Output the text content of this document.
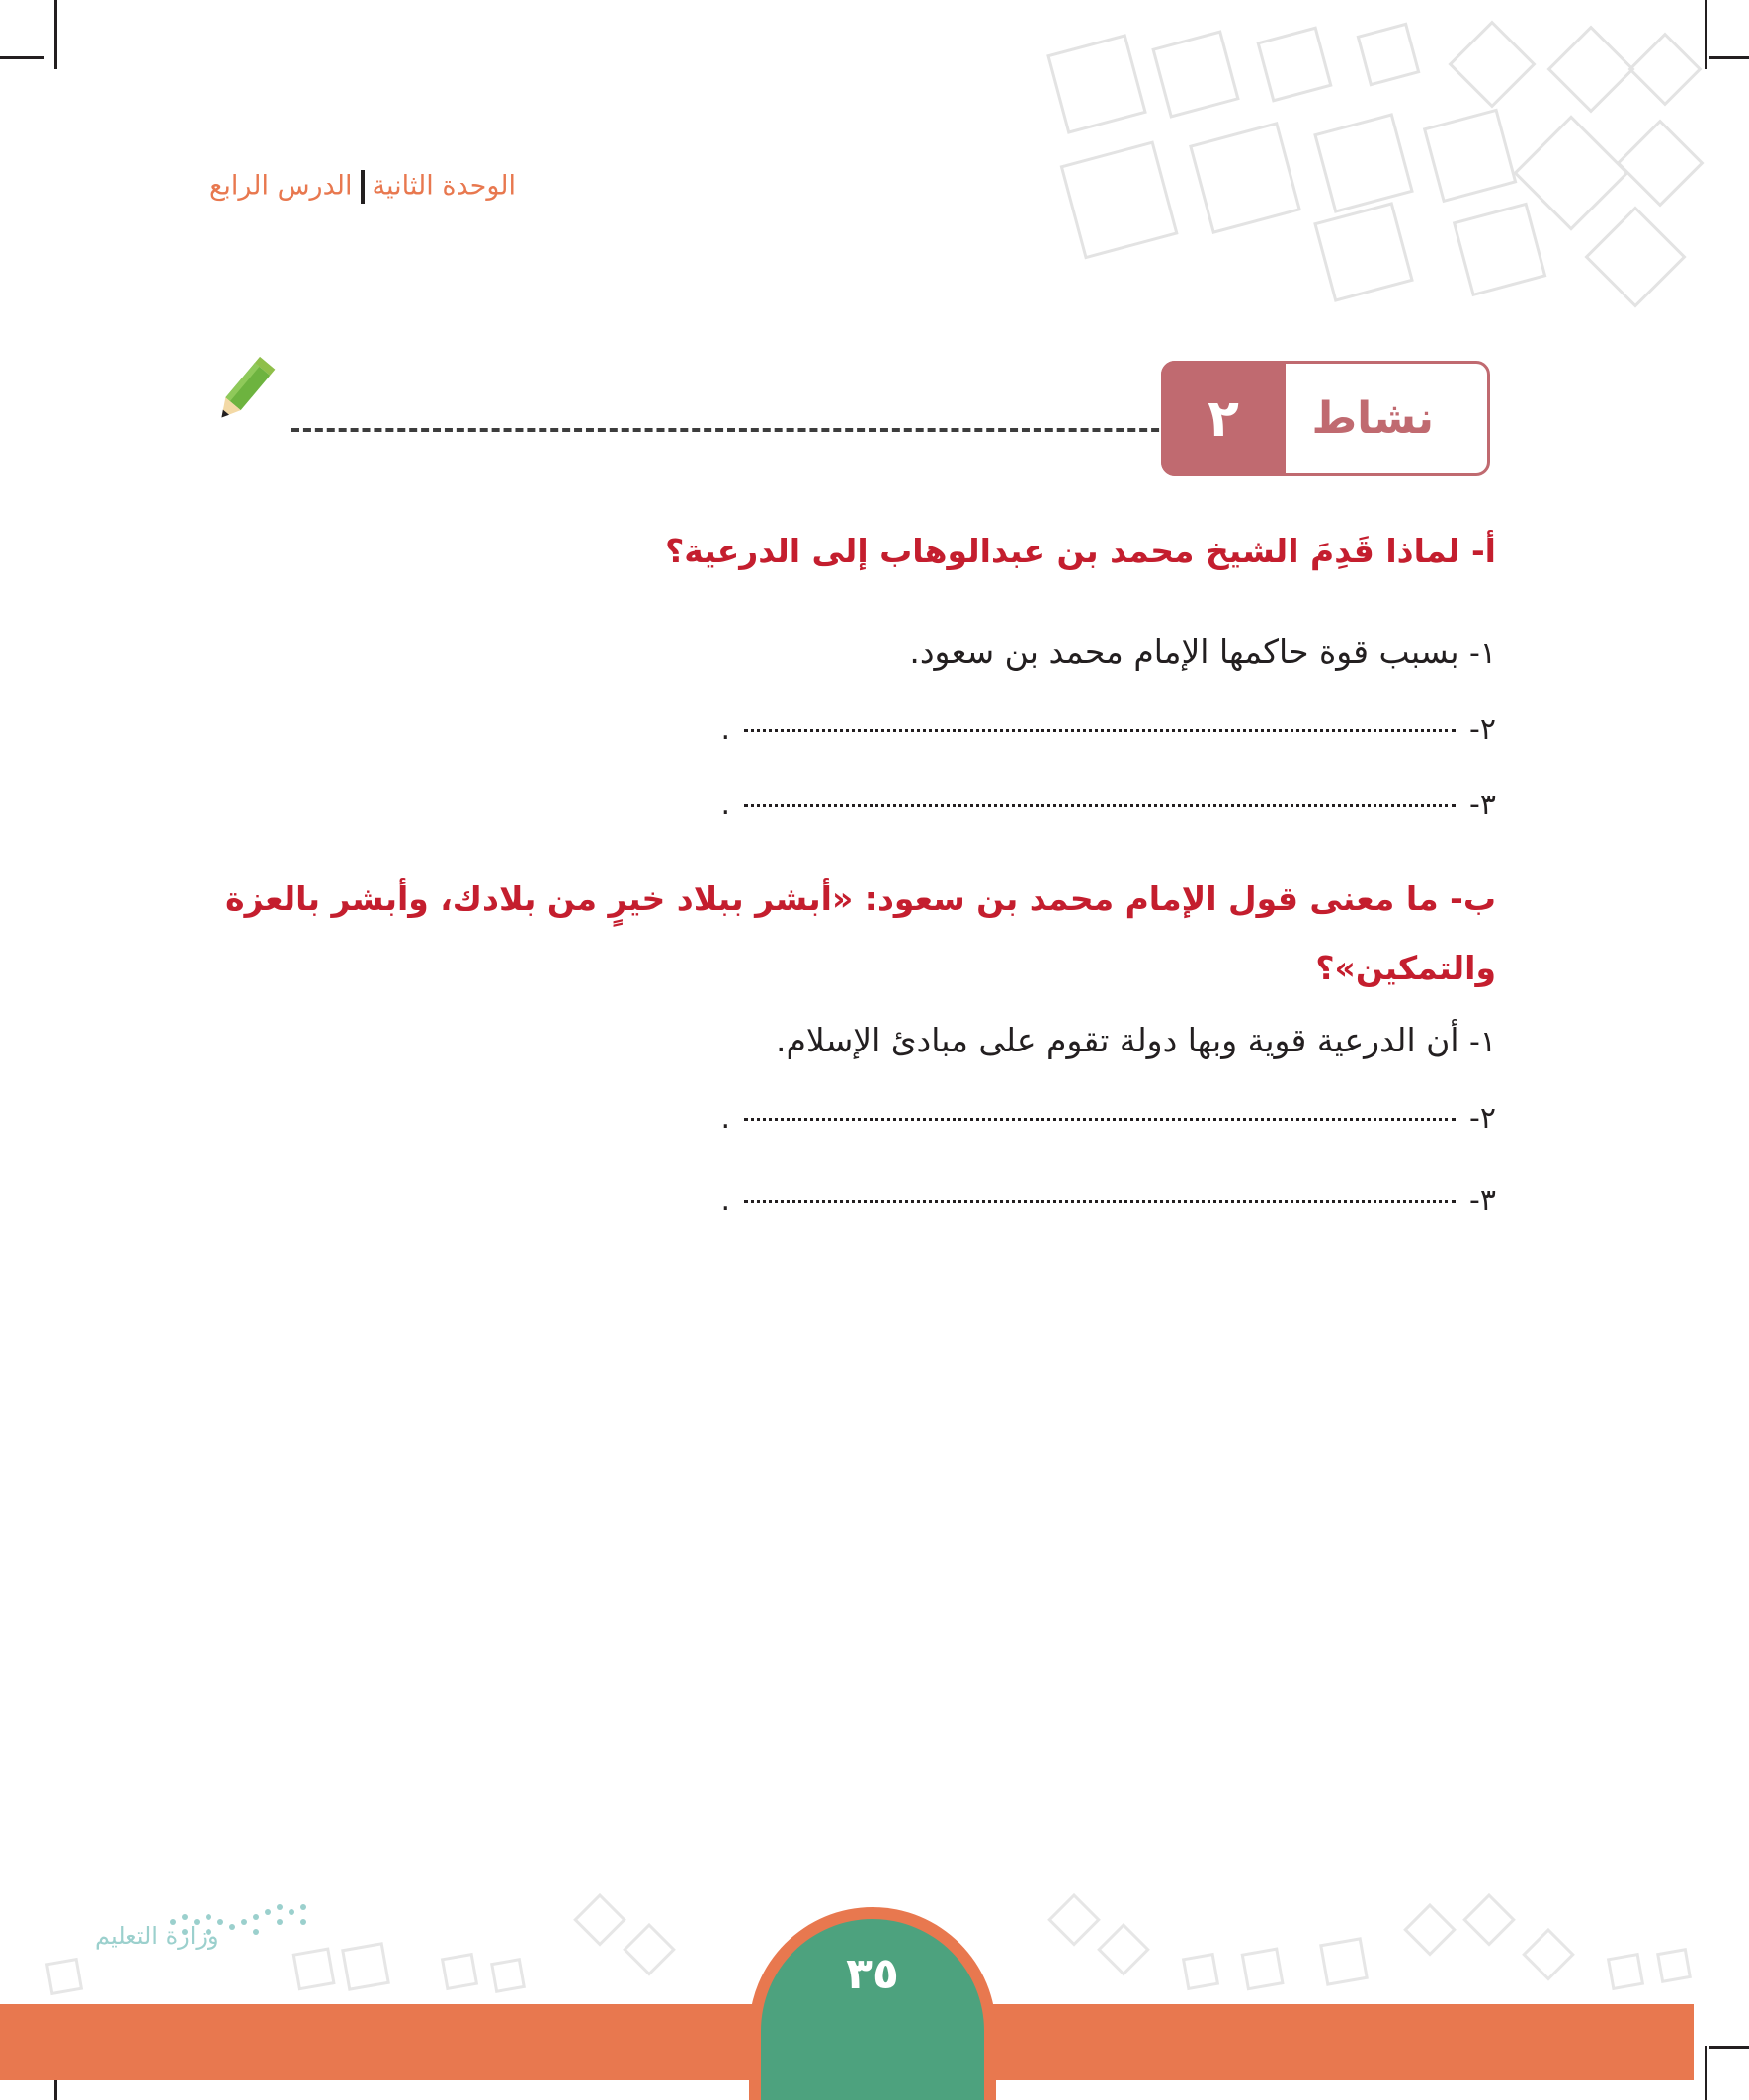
الوحدة الثانيةالدرس الرابع
٢	نشاط
أ- لماذا قَدِمَ الشيخ محمد بن عبدالوهاب إلى الدرعية؟
١- بسبب قوة حاكمها الإمام محمد بن سعود.
٢-.
٣-.
ب- ما معنى قول الإمام محمد بن سعود: «أبشر ببلاد خيرٍ من بلادك، وأبشر بالعزة
والتمكين»؟
١- أن الدرعية قوية وبها دولة تقوم على مبادئ الإسلام.
٢-.
٣-.
وزارة التعليم
٣٥
